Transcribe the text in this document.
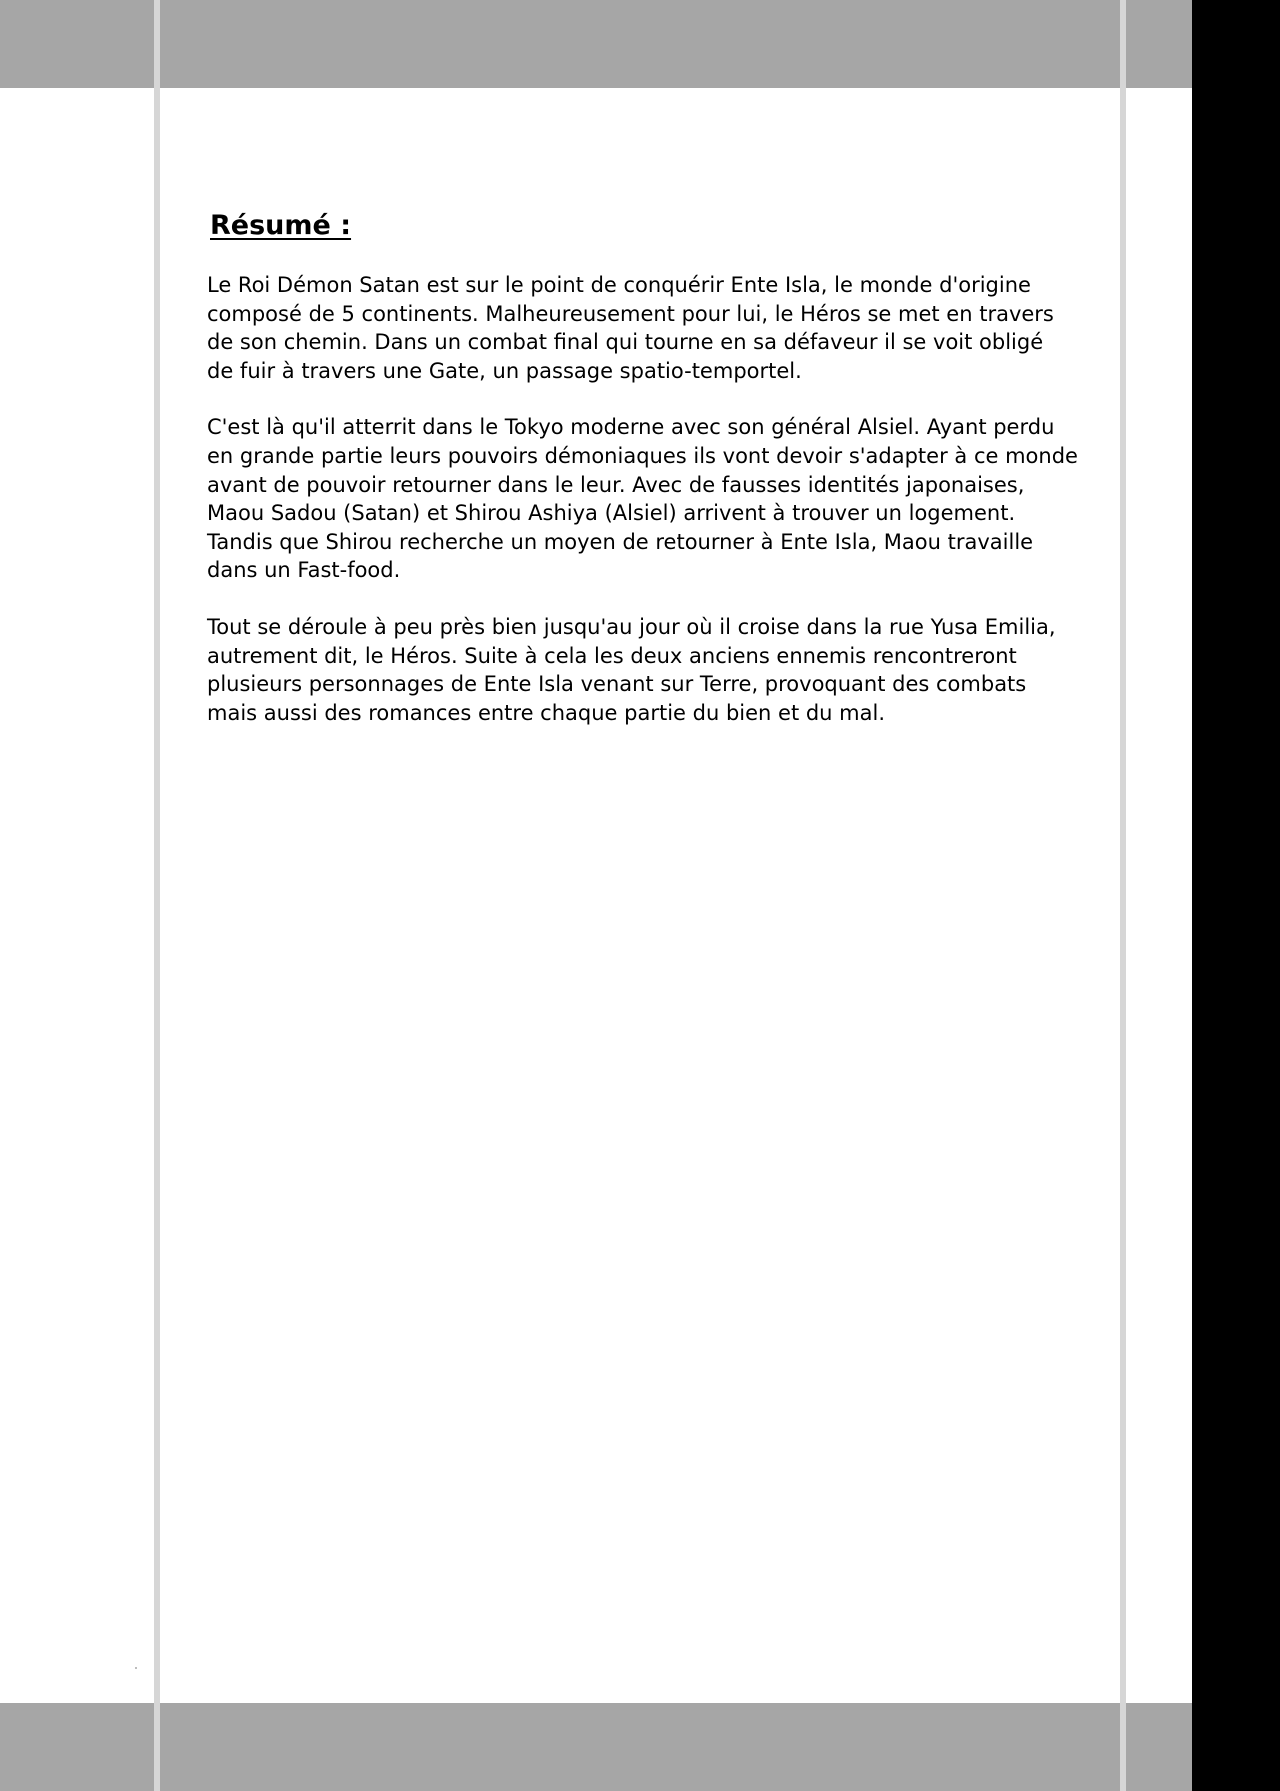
Résumé :
Le Roi Démon Satan est sur le point de conquérir Ente Isla, le monde d'origine
composé de 5 continents. Malheureusement pour lui, le Héros se met en travers
de son chemin. Dans un combat final qui tourne en sa défaveur il se voit obligé
de fuir à travers une Gate, un passage spatio-temportel.
C'est là qu'il atterrit dans le Tokyo moderne avec son général Alsiel. Ayant perdu
en grande partie leurs pouvoirs démoniaques ils vont devoir s'adapter à ce monde
avant de pouvoir retourner dans le leur. Avec de fausses identités japonaises,
Maou Sadou (Satan) et Shirou Ashiya (Alsiel) arrivent à trouver un logement.
Tandis que Shirou recherche un moyen de retourner à Ente Isla, Maou travaille
dans un Fast-food.
Tout se déroule à peu près bien jusqu'au jour où il croise dans la rue Yusa Emilia,
autrement dit, le Héros. Suite à cela les deux anciens ennemis rencontreront
plusieurs personnages de Ente Isla venant sur Terre, provoquant des combats
mais aussi des romances entre chaque partie du bien et du mal.
